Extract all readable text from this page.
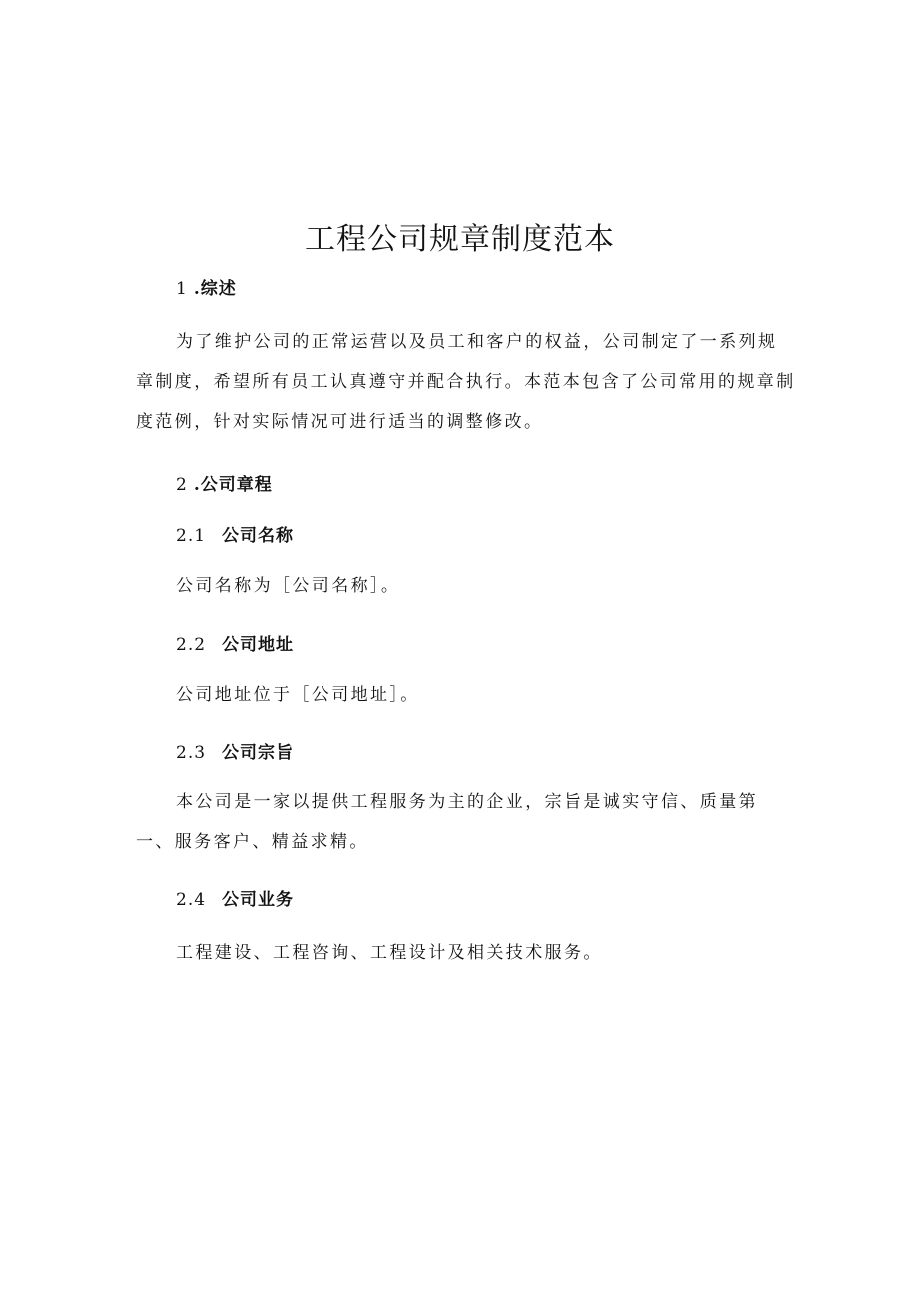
工程公司规章制度范本
1 .综述

为了维护公司的正常运营以及员工和客户的权益，公司制定了一系列规章制度，希望所有员工认真遵守并配合执行。本范本包含了公司常用的规章制度范例，针对实际情况可进行适当的调整修改。

2 .公司章程
2.1 公司名称

公司名称为［公司名称］。

2.2 公司地址

公司地址位于［公司地址］。

2.3 公司宗旨

本公司是一家以提供工程服务为主的企业，宗旨是诚实守信、质量第一、服务客户、精益求精。

2.4 公司业务

工程建设、工程咨询、工程设计及相关技术服务。
